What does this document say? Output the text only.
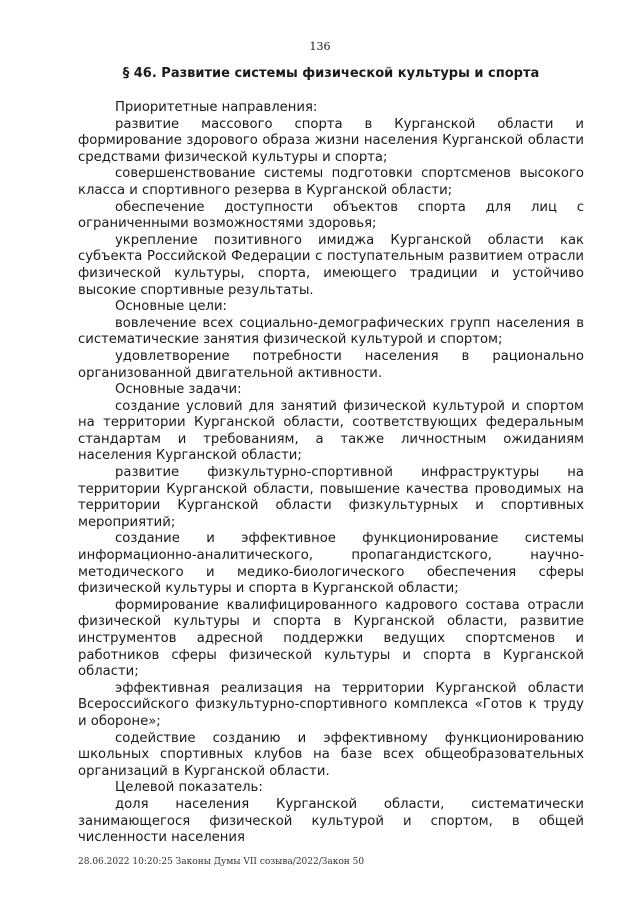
136
§ 46. Развитие системы физической культуры и спорта

Приоритетные направления:

развитие массового спорта в Курганской области и формирование здорового образа жизни населения Курганской области средствами физической культуры и спорта;

совершенствование системы подготовки спортсменов высокого класса и спортивного резерва в Курганской области;

обеспечение доступности объектов спорта для лиц с ограниченными возможностями здоровья;

укрепление позитивного имиджа Курганской области как субъекта Российской Федерации с поступательным развитием отрасли физической культуры, спорта, имеющего традиции и устойчиво высокие спортивные результаты.

Основные цели:

вовлечение всех социально-демографических групп населения в систематические занятия физической культурой и спортом;

удовлетворение потребности населения в рационально организованной двигательной активности.

Основные задачи:

создание условий для занятий физической культурой и спортом на территории Курганской области, соответствующих федеральным стандартам и требованиям, а также личностным ожиданиям населения Курганской области;

развитие физкультурно-спортивной инфраструктуры на территории Курганской области, повышение качества проводимых на территории Курганской области физкультурных и спортивных мероприятий;

создание и эффективное функционирование системы информационно-аналитического, пропагандистского, научно-методического и медико-биологического обеспечения сферы физической культуры и спорта в Курганской области;

формирование квалифицированного кадрового состава отрасли физической культуры и спорта в Курганской области, развитие инструментов адресной поддержки ведущих спортсменов и работников сферы физической культуры и спорта в Курганской области;

эффективная реализация на территории Курганской области Всероссийского физкультурно-спортивного комплекса «Готов к труду и обороне»;

содействие созданию и эффективному функционированию школьных спортивных клубов на базе всех общеобразовательных организаций в Курганской области.

Целевой показатель:

доля населения Курганской области, систематически занимающегося физической культурой и спортом, в общей численности населения

28.06.2022 10:20:25 Законы Думы VII созыва/2022/Закон 50
